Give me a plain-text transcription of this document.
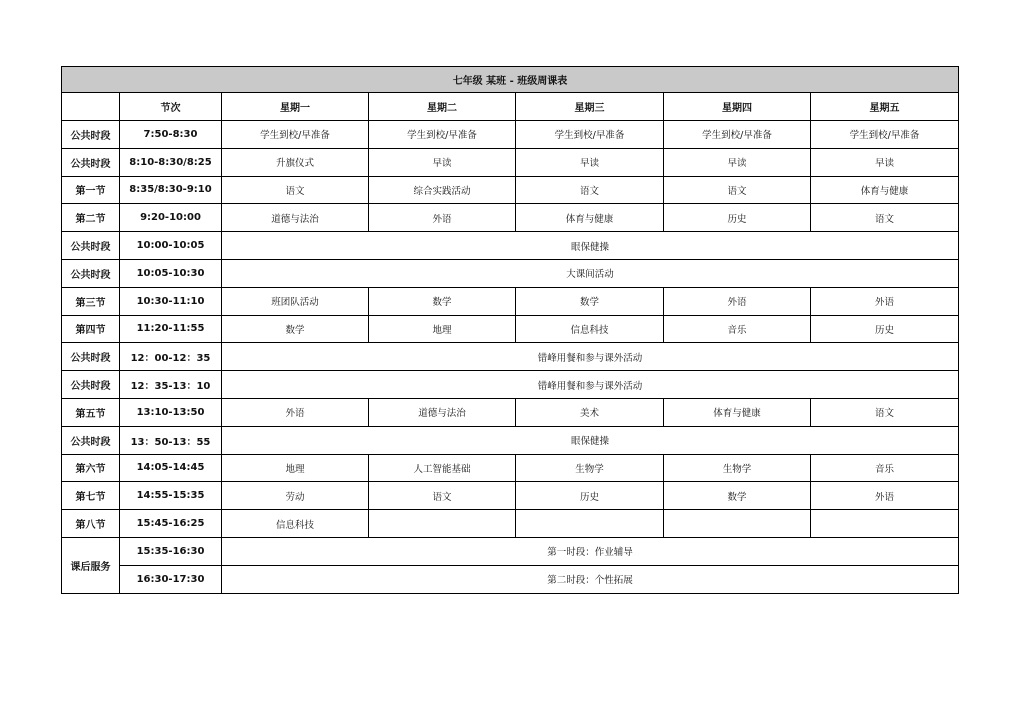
七年级 某班 - 班级周课表						
	节次	星期一	星期二	星期三	星期四	星期五
公共时段	7:50-8:30	学生到校/早准备	学生到校/早准备	学生到校/早准备	学生到校/早准备	学生到校/早准备
公共时段	8:10-8:30/8:25	升旗仪式	早读	早读	早读	早读
第一节	8:35/8:30-9:10	语文	综合实践活动	语文	语文	体育与健康
第二节	9:20-10:00	道德与法治	外语	体育与健康	历史	语文
公共时段	10:00-10:05	眼保健操				
公共时段	10:05-10:30	大课间活动				
第三节	10:30-11:10	班团队活动	数学	数学	外语	外语
第四节	11:20-11:55	数学	地理	信息科技	音乐	历史
公共时段	12：00-12：35	错峰用餐和参与课外活动				
公共时段	12：35-13：10	错峰用餐和参与课外活动				
第五节	13:10-13:50	外语	道德与法治	美术	体育与健康	语文
公共时段	13：50-13：55	眼保健操				
第六节	14:05-14:45	地理	人工智能基础	生物学	生物学	音乐
第七节	14:55-15:35	劳动	语文	历史	数学	外语
第八节	15:45-16:25	信息科技				
课后服务	15:35-16:30	第一时段：作业辅导				
	16:30-17:30	第二时段：个性拓展				
